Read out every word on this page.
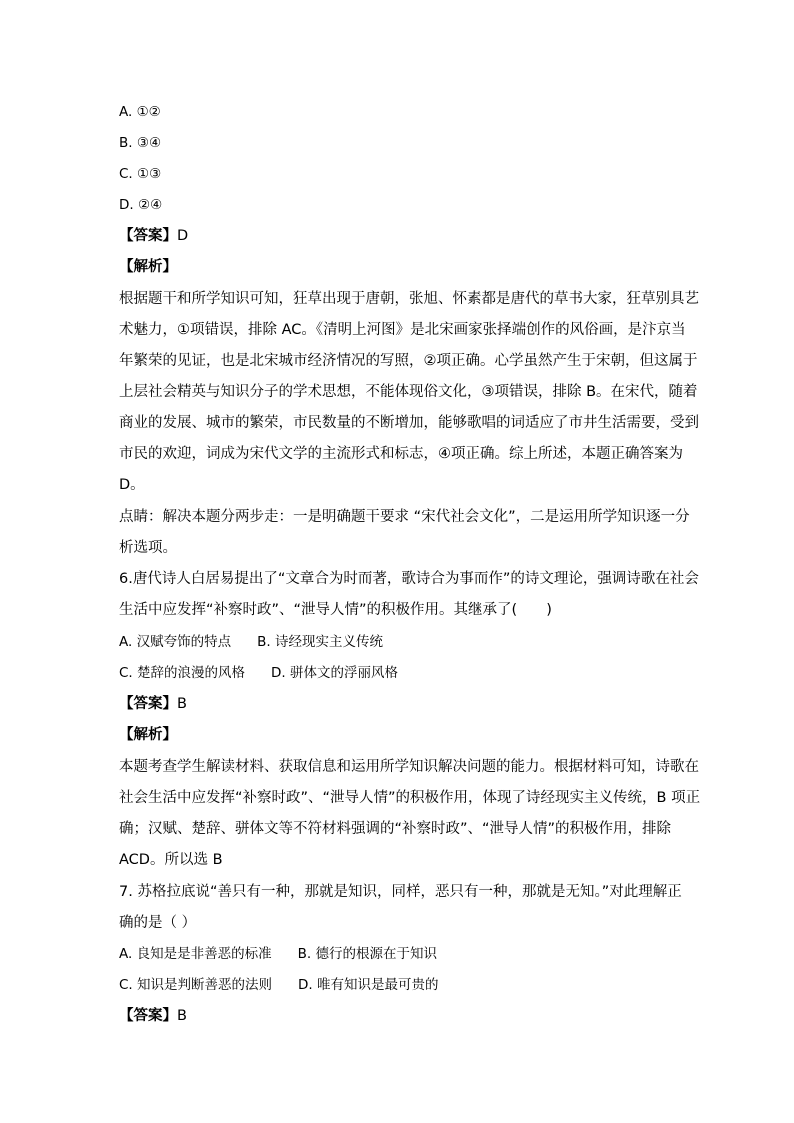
A. ①②
B. ③④
C. ①③
D. ②④
【答案】D
【解析】
根据题干和所学知识可知，狂草出现于唐朝，张旭、怀素都是唐代的草书大家，狂草别具艺
术魅力，①项错误，排除 AC。《清明上河图》是北宋画家张择端创作的风俗画，是汴京当
年繁荣的见证，也是北宋城市经济情况的写照，②项正确。心学虽然产生于宋朝，但这属于
上层社会精英与知识分子的学术思想，不能体现俗文化，③项错误，排除 B。在宋代，随着
商业的发展、城市的繁荣，市民数量的不断增加，能够歌唱的词适应了市井生活需要，受到
市民的欢迎，词成为宋代文学的主流形式和标志，④项正确。综上所述，本题正确答案为
D。
点睛：解决本题分两步走：一是明确题干要求 “宋代社会文化”，二是运用所学知识逐一分
析选项。
6.唐代诗人白居易提出了“文章合为时而著，歌诗合为事而作”的诗文理论，强调诗歌在社会
生活中应发挥“补察时政”、“泄导人情”的积极作用。其继承了(　　)
A. 汉赋夸饰的特点 B. 诗经现实主义传统
C. 楚辞的浪漫的风格 D. 骈体文的浮丽风格
【答案】B
【解析】
本题考查学生解读材料、获取信息和运用所学知识解决问题的能力。根据材料可知，诗歌在
社会生活中应发挥“补察时政”、“泄导人情”的积极作用，体现了诗经现实主义传统，B 项正
确；汉赋、楚辞、骈体文等不符材料强调的“补察时政”、“泄导人情”的积极作用，排除
ACD。所以选 B
7. 苏格拉底说“善只有一种，那就是知识，同样，恶只有一种，那就是无知。”对此理解正
确的是（ ）
A. 良知是是非善恶的标准 B. 德行的根源在于知识
C. 知识是判断善恶的法则 D. 唯有知识是最可贵的
【答案】B
